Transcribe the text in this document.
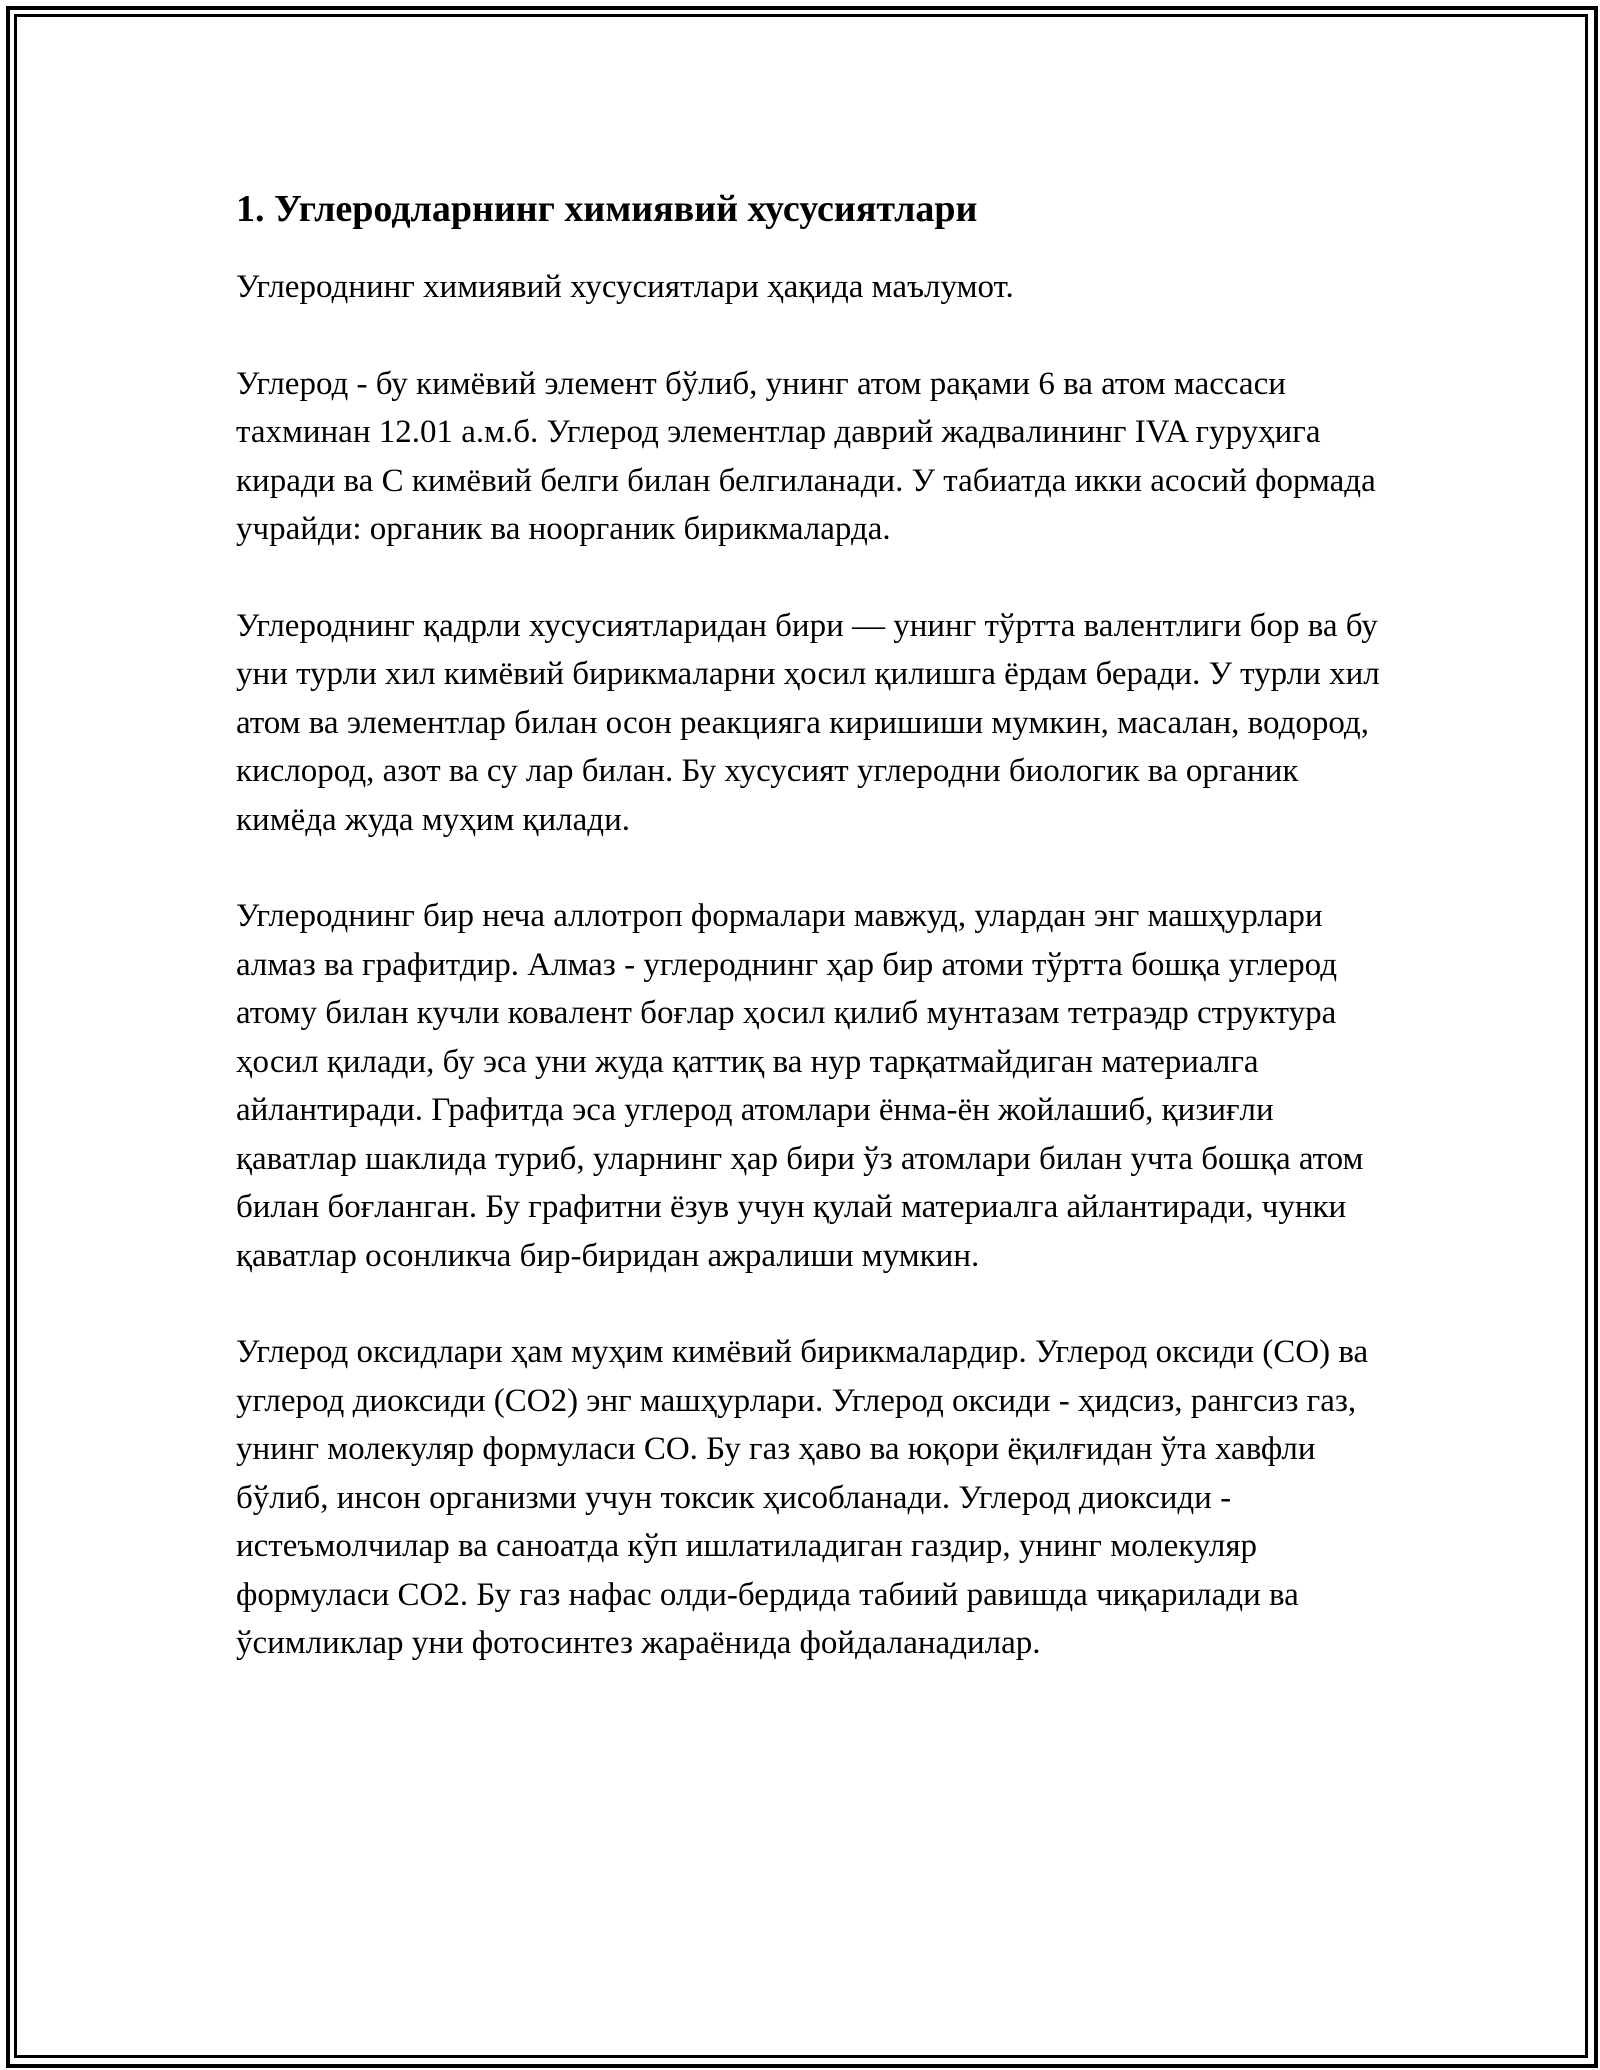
1. Углеродларнинг химиявий хусусиятлари

Углероднинг химиявий хусусиятлари ҳақида маълумот.

Углерод - бу кимёвий элемент бўлиб, унинг атом рақами 6 ва атом массаси тахминан 12.01 а.м.б. Углерод элементлар даврий жадвалининг IVA гуруҳига киради ва C кимёвий белги билан белгиланади. У табиатда икки асосий формада учрайди: органик ва ноорганик бирикмаларда.

Углероднинг қадрли хусусиятларидан бири — унинг тўртта валентлиги бор ва бу уни турли хил кимёвий бирикмаларни ҳосил қилишга ёрдам беради. У турли хил атом ва элементлар билан осон реакцияга киришиши мумкин, масалан, водород, кислород, азот ва су лар билан. Бу хусусият углеродни биологик ва органик кимёда жуда муҳим қилади.

Углероднинг бир неча аллотроп формалари мавжуд, улардан энг машҳурлари алмаз ва графитдир. Алмаз - углероднинг ҳар бир атоми тўртта бошқа углерод атому билан кучли ковалент боғлар ҳосил қилиб мунтазам тетраэдр структура ҳосил қилади, бу эса уни жуда қаттиқ ва нур тарқатмайдиган материалга айлантиради. Графитда эса углерод атомлари ёнма-ён жойлашиб, қизиғли қаватлар шаклида туриб, уларнинг ҳар бири ўз атомлари билан учта бошқа атом билан боғланган. Бу графитни ёзув учун қулай материалга айлантиради, чунки қаватлар осонликча бир-биридан ажралиши мумкин.

Углерод оксидлари ҳам муҳим кимёвий бирикмалардир. Углерод оксиди (CO) ва углерод диоксиди (CO2) энг машҳурлари. Углерод оксиди - ҳидсиз, рангсиз газ, унинг молекуляр формуласи CO. Бу газ ҳаво ва юқори ёқилғидан ўта хавфли бўлиб, инсон организми учун токсик ҳисобланади. Углерод диоксиди - истеъмолчилар ва саноатда кўп ишлатиладиган газдир, унинг молекуляр формуласи CO2. Бу газ нафас олди-бердида табиий равишда чиқарилади ва ўсимликлар уни фотосинтез жараёнида фойдаланадилар.
